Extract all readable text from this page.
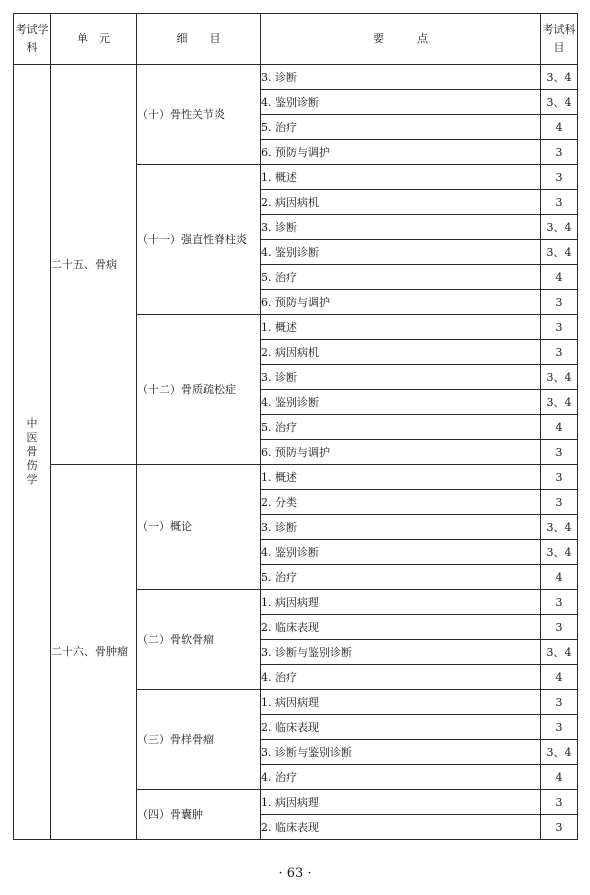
考试学科	单　元	细　　目	要　　　点	考试科目
中医骨伤学	二十五、骨病	（十）骨性关节炎	3. 诊断	3、4
			4. 鉴别诊断	3、4
			5. 治疗	4
			6. 预防与调护	3
		（十一）强直性脊柱炎	1. 概述	3
			2. 病因病机	3
			3. 诊断	3、4
			4. 鉴别诊断	3、4
			5. 治疗	4
			6. 预防与调护	3
		（十二）骨质疏松症	1. 概述	3
			2. 病因病机	3
			3. 诊断	3、4
			4. 鉴别诊断	3、4
			5. 治疗	4
			6. 预防与调护	3
	二十六、骨肿瘤	（一）概论	1. 概述	3
			2. 分类	3
			3. 诊断	3、4
			4. 鉴别诊断	3、4
			5. 治疗	4
		（二）骨软骨瘤	1. 病因病理	3
			2. 临床表现	3
			3. 诊断与鉴别诊断	3、4
			4. 治疗	4
		（三）骨样骨瘤	1. 病因病理	3
			2. 临床表现	3
			3. 诊断与鉴别诊断	3、4
			4. 治疗	4
		（四）骨囊肿	1. 病因病理	3
			2. 临床表现	3
· 63 ·
